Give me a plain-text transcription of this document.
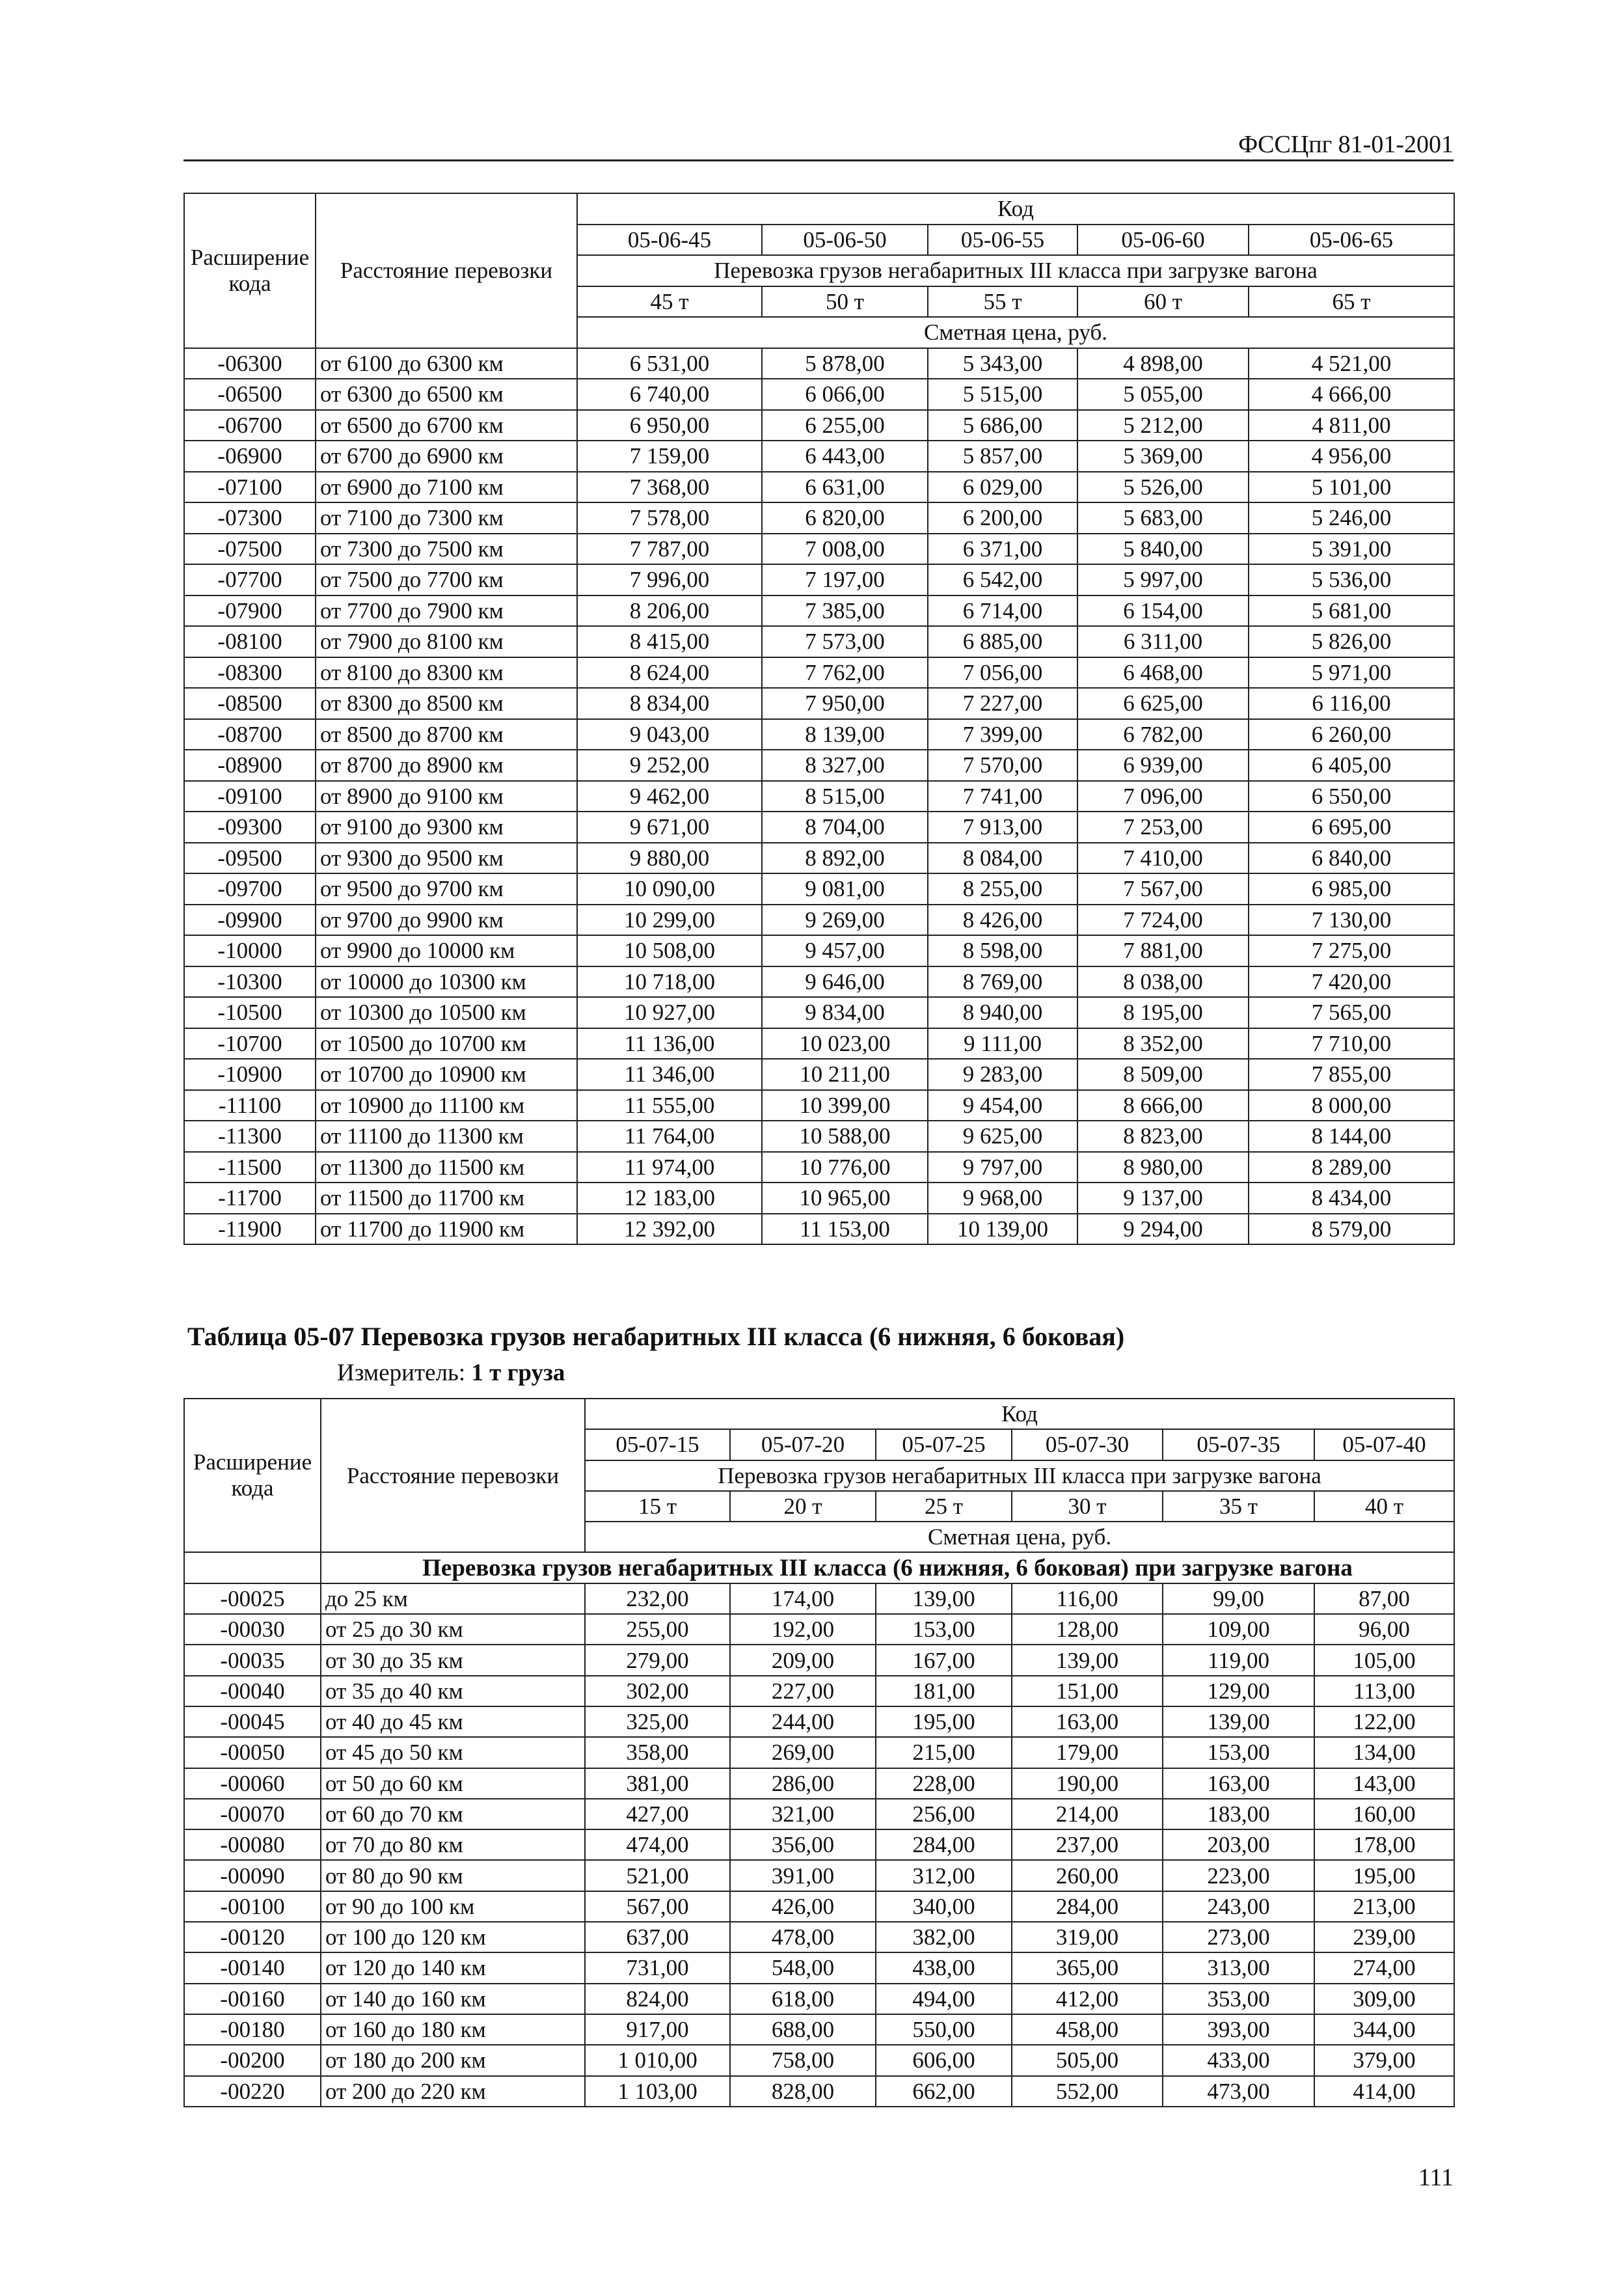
ФССЦпг 81-01-2001
Расширение кода	Расстояние перевозки	Код				
		05-06-45	05-06-50	05-06-55	05-06-60	05-06-65
		Перевозка грузов негабаритных III класса при загрузке вагона				
		45 т	50 т	55 т	60 т	65 т
		Сметная цена, руб.				
-06300	от 6100 до 6300 км	6 531,00	5 878,00	5 343,00	4 898,00	4 521,00
-06500	от 6300 до 6500 км	6 740,00	6 066,00	5 515,00	5 055,00	4 666,00
-06700	от 6500 до 6700 км	6 950,00	6 255,00	5 686,00	5 212,00	4 811,00
-06900	от 6700 до 6900 км	7 159,00	6 443,00	5 857,00	5 369,00	4 956,00
-07100	от 6900 до 7100 км	7 368,00	6 631,00	6 029,00	5 526,00	5 101,00
-07300	от 7100 до 7300 км	7 578,00	6 820,00	6 200,00	5 683,00	5 246,00
-07500	от 7300 до 7500 км	7 787,00	7 008,00	6 371,00	5 840,00	5 391,00
-07700	от 7500 до 7700 км	7 996,00	7 197,00	6 542,00	5 997,00	5 536,00
-07900	от 7700 до 7900 км	8 206,00	7 385,00	6 714,00	6 154,00	5 681,00
-08100	от 7900 до 8100 км	8 415,00	7 573,00	6 885,00	6 311,00	5 826,00
-08300	от 8100 до 8300 км	8 624,00	7 762,00	7 056,00	6 468,00	5 971,00
-08500	от 8300 до 8500 км	8 834,00	7 950,00	7 227,00	6 625,00	6 116,00
-08700	от 8500 до 8700 км	9 043,00	8 139,00	7 399,00	6 782,00	6 260,00
-08900	от 8700 до 8900 км	9 252,00	8 327,00	7 570,00	6 939,00	6 405,00
-09100	от 8900 до 9100 км	9 462,00	8 515,00	7 741,00	7 096,00	6 550,00
-09300	от 9100 до 9300 км	9 671,00	8 704,00	7 913,00	7 253,00	6 695,00
-09500	от 9300 до 9500 км	9 880,00	8 892,00	8 084,00	7 410,00	6 840,00
-09700	от 9500 до 9700 км	10 090,00	9 081,00	8 255,00	7 567,00	6 985,00
-09900	от 9700 до 9900 км	10 299,00	9 269,00	8 426,00	7 724,00	7 130,00
-10000	от 9900 до 10000 км	10 508,00	9 457,00	8 598,00	7 881,00	7 275,00
-10300	от 10000 до 10300 км	10 718,00	9 646,00	8 769,00	8 038,00	7 420,00
-10500	от 10300 до 10500 км	10 927,00	9 834,00	8 940,00	8 195,00	7 565,00
-10700	от 10500 до 10700 км	11 136,00	10 023,00	9 111,00	8 352,00	7 710,00
-10900	от 10700 до 10900 км	11 346,00	10 211,00	9 283,00	8 509,00	7 855,00
-11100	от 10900 до 11100 км	11 555,00	10 399,00	9 454,00	8 666,00	8 000,00
-11300	от 11100 до 11300 км	11 764,00	10 588,00	9 625,00	8 823,00	8 144,00
-11500	от 11300 до 11500 км	11 974,00	10 776,00	9 797,00	8 980,00	8 289,00
-11700	от 11500 до 11700 км	12 183,00	10 965,00	9 968,00	9 137,00	8 434,00
-11900	от 11700 до 11900 км	12 392,00	11 153,00	10 139,00	9 294,00	8 579,00
Таблица 05-07 Перевозка грузов негабаритных III класса (6 нижняя, 6 боковая)
Измеритель: 1 т груза
Расширение кода	Расстояние перевозки	Код					
		05-07-15	05-07-20	05-07-25	05-07-30	05-07-35	05-07-40
		Перевозка грузов негабаритных III класса при загрузке вагона					
		15 т	20 т	25 т	30 т	35 т	40 т
		Сметная цена, руб.					
	Перевозка грузов негабаритных III класса (6 нижняя, 6 боковая) при загрузке вагона						
-00025	до 25 км	232,00	174,00	139,00	116,00	99,00	87,00
-00030	от 25 до 30 км	255,00	192,00	153,00	128,00	109,00	96,00
-00035	от 30 до 35 км	279,00	209,00	167,00	139,00	119,00	105,00
-00040	от 35 до 40 км	302,00	227,00	181,00	151,00	129,00	113,00
-00045	от 40 до 45 км	325,00	244,00	195,00	163,00	139,00	122,00
-00050	от 45 до 50 км	358,00	269,00	215,00	179,00	153,00	134,00
-00060	от 50 до 60 км	381,00	286,00	228,00	190,00	163,00	143,00
-00070	от 60 до 70 км	427,00	321,00	256,00	214,00	183,00	160,00
-00080	от 70 до 80 км	474,00	356,00	284,00	237,00	203,00	178,00
-00090	от 80 до 90 км	521,00	391,00	312,00	260,00	223,00	195,00
-00100	от 90 до 100 км	567,00	426,00	340,00	284,00	243,00	213,00
-00120	от 100 до 120 км	637,00	478,00	382,00	319,00	273,00	239,00
-00140	от 120 до 140 км	731,00	548,00	438,00	365,00	313,00	274,00
-00160	от 140 до 160 км	824,00	618,00	494,00	412,00	353,00	309,00
-00180	от 160 до 180 км	917,00	688,00	550,00	458,00	393,00	344,00
-00200	от 180 до 200 км	1 010,00	758,00	606,00	505,00	433,00	379,00
-00220	от 200 до 220 км	1 103,00	828,00	662,00	552,00	473,00	414,00
111
